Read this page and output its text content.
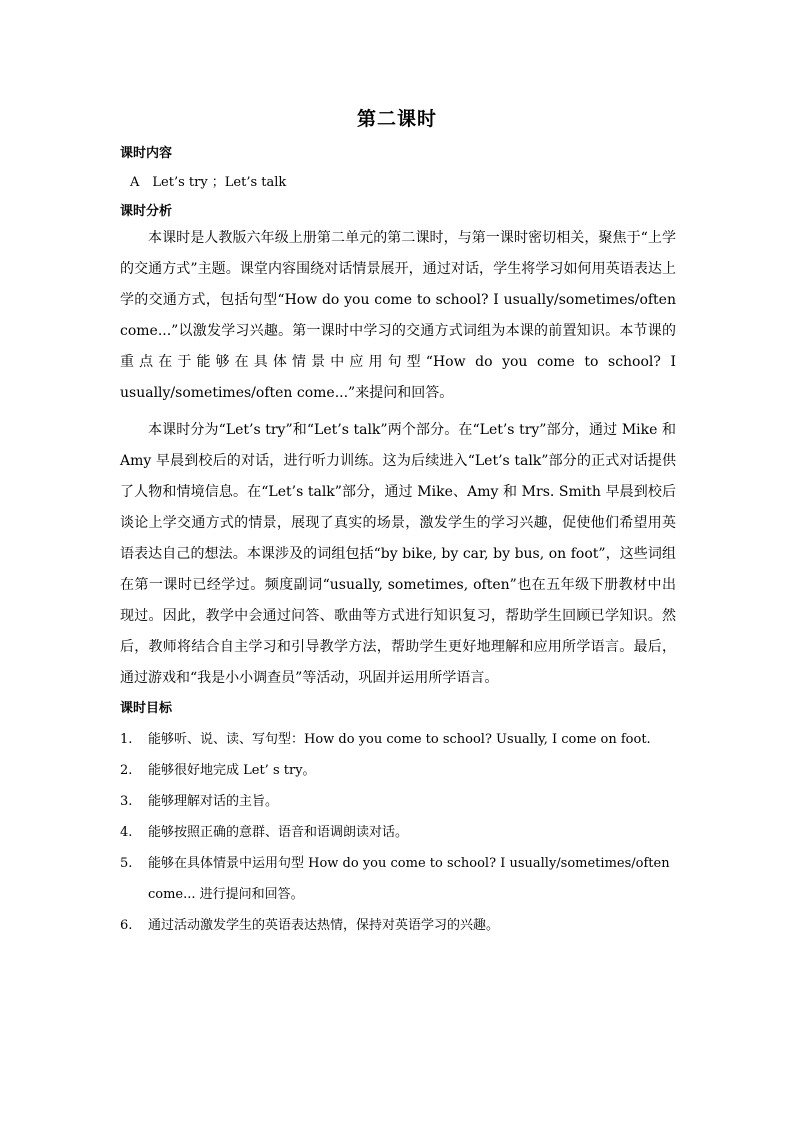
第二课时
课时内容
A　Let’s try ；Let’s talk
课时分析

本课时是人教版六年级上册第二单元的第二课时，与第一课时密切相关，聚焦于“上学的交通方式”主题。课堂内容围绕对话情景展开，通过对话，学生将学习如何用英语表达上学的交通方式，包括句型“How do you come to school? I usually/sometimes/often come...”以激发学习兴趣。第一课时中学习的交通方式词组为本课的前置知识。本节课的重点在于能够在具体情景中应用句型“How do you come to school? I usually/sometimes/often come...”来提问和回答。

本课时分为“Let’s try”和“Let’s talk”两个部分。在“Let’s try”部分，通过 Mike 和 Amy 早晨到校后的对话，进行听力训练。这为后续进入“Let’s talk”部分的正式对话提供了人物和情境信息。在“Let’s talk”部分，通过 Mike、Amy 和 Mrs. Smith 早晨到校后谈论上学交通方式的情景，展现了真实的场景，激发学生的学习兴趣，促使他们希望用英语表达自己的想法。本课涉及的词组包括“by bike, by car, by bus, on foot”，这些词组在第一课时已经学过。频度副词“usually, sometimes, often”也在五年级下册教材中出现过。因此，教学中会通过问答、歌曲等方式进行知识复习，帮助学生回顾已学知识。然后，教师将结合自主学习和引导教学方法，帮助学生更好地理解和应用所学语言。最后，通过游戏和“我是小小调查员”等活动，巩固并运用所学语言。

课时目标
1. 能够听、说、读、写句型：How do you come to school? Usually, I come on foot.
2. 能够很好地完成 Let’ s try。
3. 能够理解对话的主旨。
4. 能够按照正确的意群、语音和语调朗读对话。
5. 能够在具体情景中运用句型 How do you come to school? I usually/sometimes/often come... 进行提问和回答。
6. 通过活动激发学生的英语表达热情，保持对英语学习的兴趣。
